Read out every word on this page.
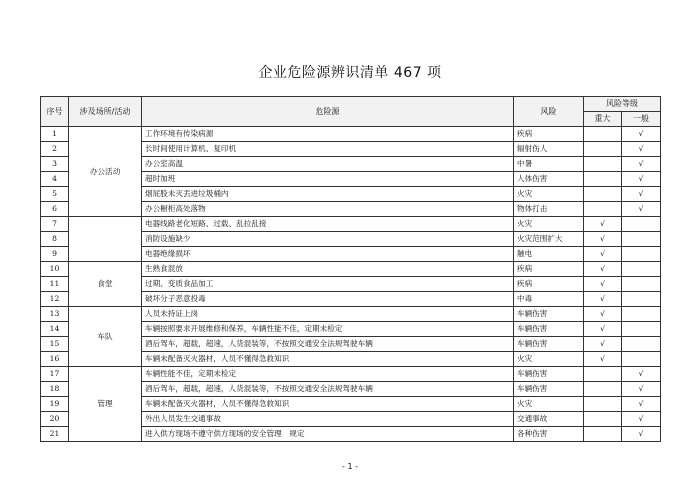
企业危险源辨识清单 467 项
序号	涉及场所/活动	危险源	风险	风险等级	
				重大	一般
1	办公活动	工作环境有传染病源	疾病		√
2		长时间使用计算机、复印机	辐射伤人		√
3		办公室高温	中暑		√
4		超时加班	人体伤害		√
5		烟屁股未灭丢进垃圾桶内	火灾		√
6		办公橱柜高处落物	物体打击		√
7		电器线路老化短路、过载、乱拉乱接	火灾	√	
8		消防设施缺少	火灾范围扩大	√	
9		电器绝缘损坏	触电	√	
10	食堂	生熟食混放	疾病	√	
11		过期、变质食品加工	疾病	√	
12		破坏分子恶意投毒	中毒	√	
13	车队	人员未持证上岗	车辆伤害	√	
14		车辆按照要求开展维修和保养，车辆性能不佳，定期未检定	车辆伤害	√	
15		酒后驾车，超载，超速，人货混装等，不按照交通安全法规驾驶车辆	车辆伤害	√	
16		车辆未配备灭火器材，人员不懂得急救知识	火灾	√	
17	管理	车辆性能不佳，定期未检定	车辆伤害		√
18		酒后驾车，超载，超速，人货混装等，不按照交通安全法规驾驶车辆	车辆伤害		√
19		车辆未配备灭火器材，人员不懂得急救知识	火灾		√
20		外出人员发生交通事故	交通事故		√
21		进入供方现场不遵守供方现场的安全管理　规定	各种伤害		√
- 1 -
